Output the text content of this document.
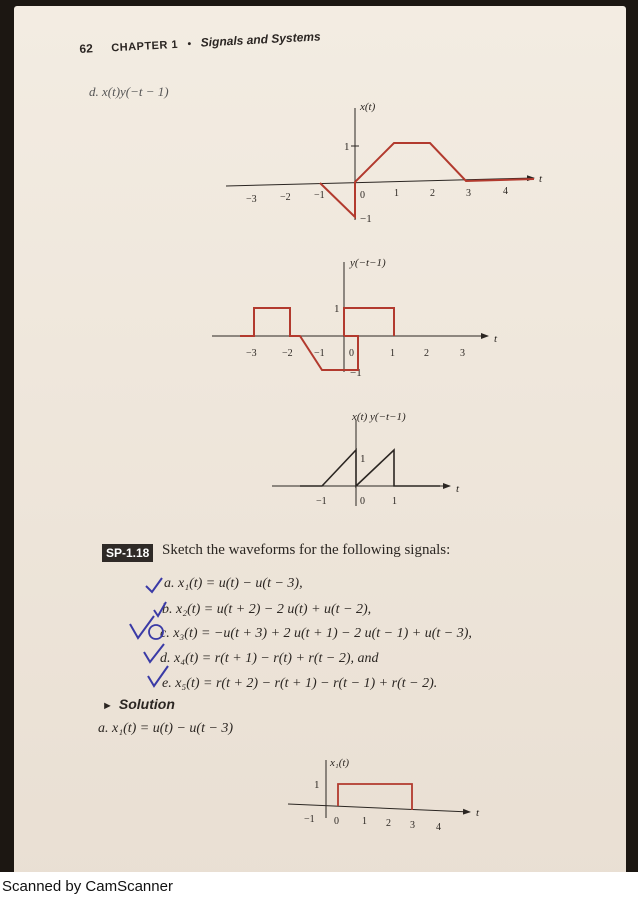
62 CHAPTER 1 • Signals and Systems
d. x(t)y(−t − 1)
x(t)
t
1
−1
−3 −2 −1	0	1	2	3	4
y(−t−1)
t
1
−1
−3	−2 −1 0	1	2	3
x(t) y(−t−1)
t
1
−1	0	1
SP-1.18 Sketch the waveforms for the following signals:
a. x₁(t) = u(t) − u(t − 3),
b. x₂(t) = u(t + 2) − 2 u(t) + u(t − 2),
c. x₃(t) = −u(t + 3) + 2 u(t + 1) − 2 u(t − 1) + u(t − 3),
d. x₄(t) = r(t + 1) − r(t) + r(t − 2), and
e. x₅(t) = r(t + 2) − r(t + 1) − r(t − 1) + r(t − 2).
► Solution
a. x₁(t) = u(t) − u(t − 3)
x₁(t)
t
1
−1 0 1 2 3 4
Scanned by CamScanner
